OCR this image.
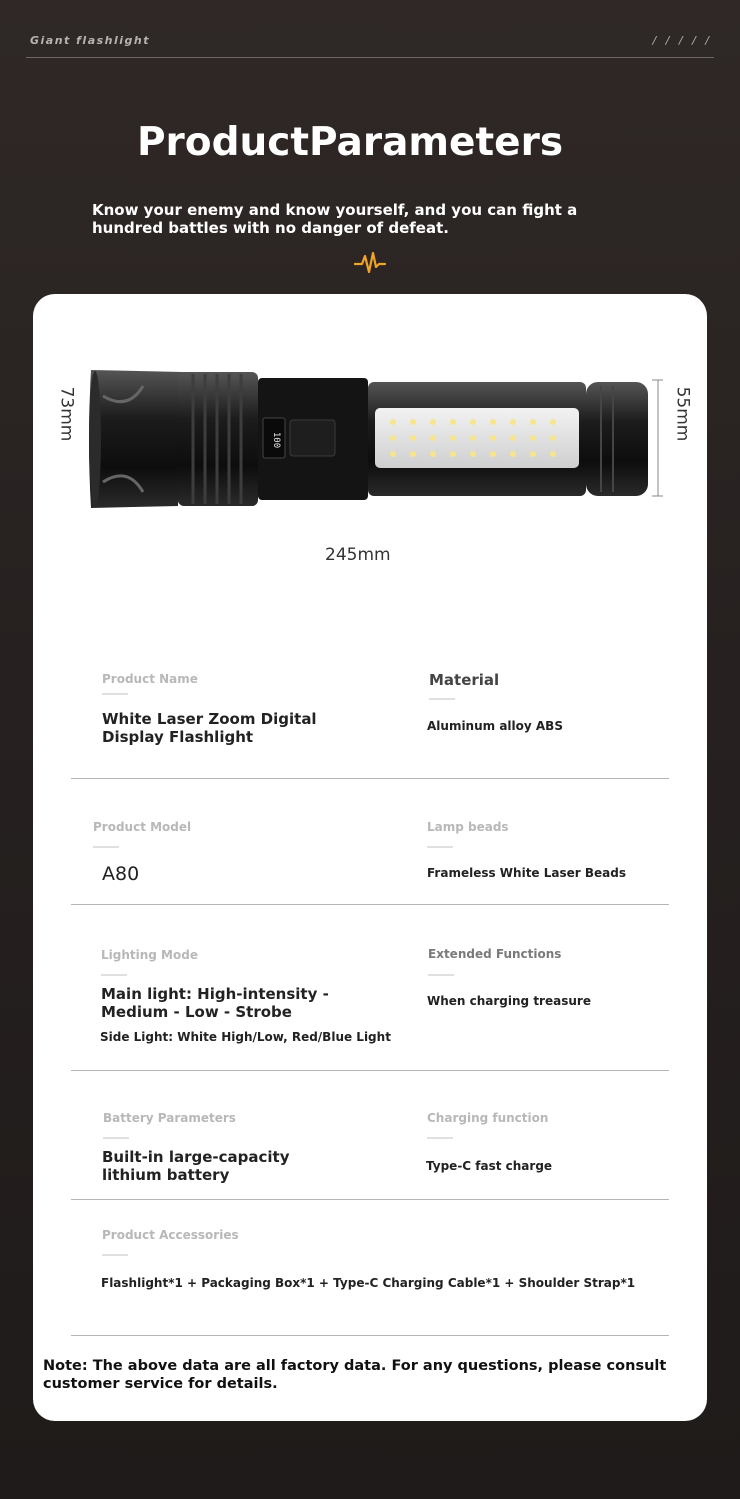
Giant flashlight	/ / / / /
ProductParameters

Know your enemy and know yourself, and you can fight a hundred battles with no danger of defeat.

100
73mm	55mm
245mm
Product Name
White Laser Zoom Digital Display Flashlight
Material
Aluminum alloy ABS
Product Model
A80
Lamp beads
Frameless White Laser Beads
Lighting Mode
Main light: High-intensity - Medium - Low - Strobe
Side Light: White High/Low, Red/Blue Light
Extended Functions
When charging treasure
Battery Parameters
Built-in large-capacity lithium battery
Charging function
Type-C fast charge
Product Accessories
Flashlight*1 + Packaging Box*1 + Type-C Charging Cable*1 + Shoulder Strap*1

Note: The above data are all factory data. For any questions, please consult customer service for details.
